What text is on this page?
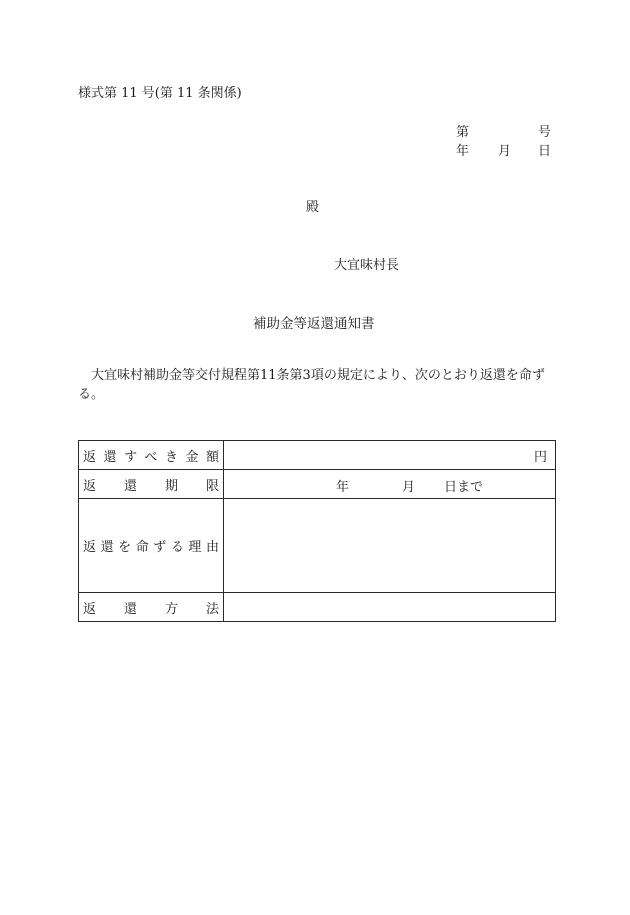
様式第 11 号(第 11 条関係)
第	号
年 月 日
殿
大宜味村長
補助金等返還通知書
大宜味村補助金等交付規程第11条第3項の規定により、次のとおり返還を命ずる。
返還すべき金額	円
返還期限	年 月 日まで

返還を命ずる理由	
返還方法	
